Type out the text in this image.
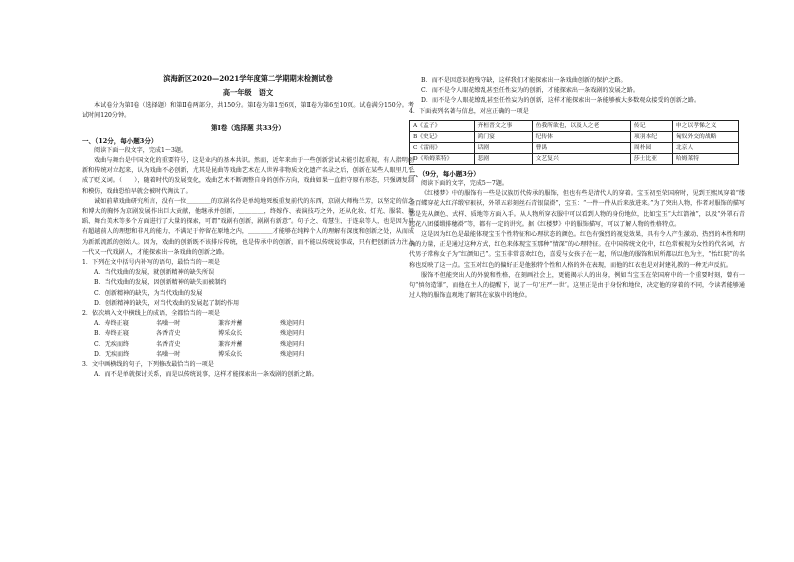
滨海新区2020—2021学年度第二学期期末检测试卷
高一年级　语文

本试卷分为第Ⅰ卷（选择题）和第Ⅱ卷两部分，共150分。第Ⅰ卷为第1至6页，第Ⅱ卷为第6至10页。试卷满分150分。考试时间120分钟。

第Ⅰ卷（选择题 共33分）

一、（12分，每小题3分）

阅读下面一段文字，完成1～3题。

戏曲与舞台是中国文化的重要符号，这是业内的基本共识。然而，近年来由于一些创新尝试未能引起重视，有人指明创新和传统对立起来，认为戏曲不必创新，尤其是昆曲等戏曲艺术在人世界非物质文化遗产名录之后，创新在某些人眼里几乎成了贬义词。（　　），随着时代的发展变化，戏曲艺术不断调整自身的创作方向，戏曲如果一直拒守原有形态，只强调复制和模仿，戏曲恐怕早就会被时代淘汰了。

诚如前辈戏曲研究所言，没有一位＿＿＿＿的京剧名伶是单纯地死板重复前代的东西，京剧大师梅兰芳，以坚定的信念和博大的胸怀为京剧发展作出巨大贡献，他继承并创新，＿＿＿＿，终嫁作、表演技巧之外，还从化妆、灯光、服装、舞蹈、舞台美术等多个方面进行了大量的探索，可谓“戏剧有创新，剧剧有新意”。句子之、荀慧生、于连泉等人，也是因为具有超越前人的理想和非凡的能力，不满足于停留在原地之内，＿＿＿＿才能够在纯粹个人的理解有深度和创新之处，从而成为新派流派的创始人。因为，戏曲的创新既不该排斥传统，也是传承中的创新，而不能以传统说事或，只有把创新活力注入一代又一代戏剧人，才能探索出一条戏曲的创新之路。

1．下列在文中括号内补写的语句，最恰当的一项是

A．当代戏曲的发展，就创新精神的缺失所误

B．当代戏曲的发展，因创新精神的缺失而被制约

C．创新精神的缺失，为当代戏曲的发展

D．创新精神的缺失，对当代戏曲的发展起了制约作用

2．依次填入文中横线上的成语，全都恰当的一项是

A．寿终正寝	名噪一时	兼容并蓄	殊途同归
B．寿终正寝	各香青史	博采众长	殊途同归
C．无疾而终	名香青史	兼容并蓄	殊途同归
D．无疾而终	名噪一时	博采众长	殊途同归

3．文中画横线的句子，下列修改最恰当的一项是

A．而不是单就探讨关系，而是以传统说事，这样才能探索出一条戏剧的创新之路。

B．而不是因意识抱残守缺，这样我们才能探索出一条戏曲创新的保护之路。

C．而不是令人眼花缭乱甚至任性妄为的创新，才能探索出一条戏剧的发展之路。

D．而不是令人眼花缭乱甚至任性妄为的创新，这样才能探索出一条能够被大多数观众接受的创新之路。

4．下面表列名著与信息，对应正确的一项是

A《孟子》	齐桓晋文之事	鱼我所欲也，以及人之老	传记	申之以孝悌之义
B《史记》	鸿门宴	纪传体	项羽本纪	匈奴外交的战略
C《雷雨》	话剧	曹禺	周朴园	北京人
D《哈姆莱特》	悲剧	文艺复兴	莎士比亚	哈姆莱特

二、（9分，每小题3分）

阅读下面的文字，完成5～7题。

《红楼梦》中的服饰有一些是汉族历代传承的服饰，但也有些是清代人的穿着。宝玉初至荣国府时，见到王熙凤穿着“缕金百蝶穿花大红洋缎窄裉袄，外罩五彩刻丝石青银鼠褂”，宝玉：“一件一件从后来放进来。”为了突出人物，作者对服饰的描写都是先从颜色、式样、质地等方面入手。从人物所穿衣服中可以看到人物的身份地位，比如宝玉“大红箭袖”，以及“外罩石青起花八团倭缎排穗褂”等，都有一定的讲究。据《红楼梦》中的服饰描写，可以了解人物的性格特点。

这是因为红色是最能体现宝玉个性特征和心理状态的颜色。红色有强烈的视觉效果，具有令人产生激动、热烈的本性和明确的力量，正是通过这种方式，红色来体现宝玉那种“情深”的心理特征。在中国传统文化中，红色常被视为女性的代名词，古代男子常称女子为“红颜知己”。宝玉非常喜欢红色，喜爱与女孩子在一起，所以他的服饰和居所都以红色为主，“怡红院”的名称也反映了这一点。宝玉对红色的偏好正是他独特个性和人格的外在表现，而他的红衣也是对封建礼教的一种无声反抗。

服饰不但能突出人的外貌和性格，在刻画社会上，更能揭示人的出身，例如当宝玉在荣国府中的一个重要时刻，曾有一句“慎勿造罪”，而他在主人的提醒下，说了一句‘庄严一世’。这里正是由于身份和地位，决定他的穿着的不同，令读者能够通过人物的服饰直观地了解其在家族中的地位。
